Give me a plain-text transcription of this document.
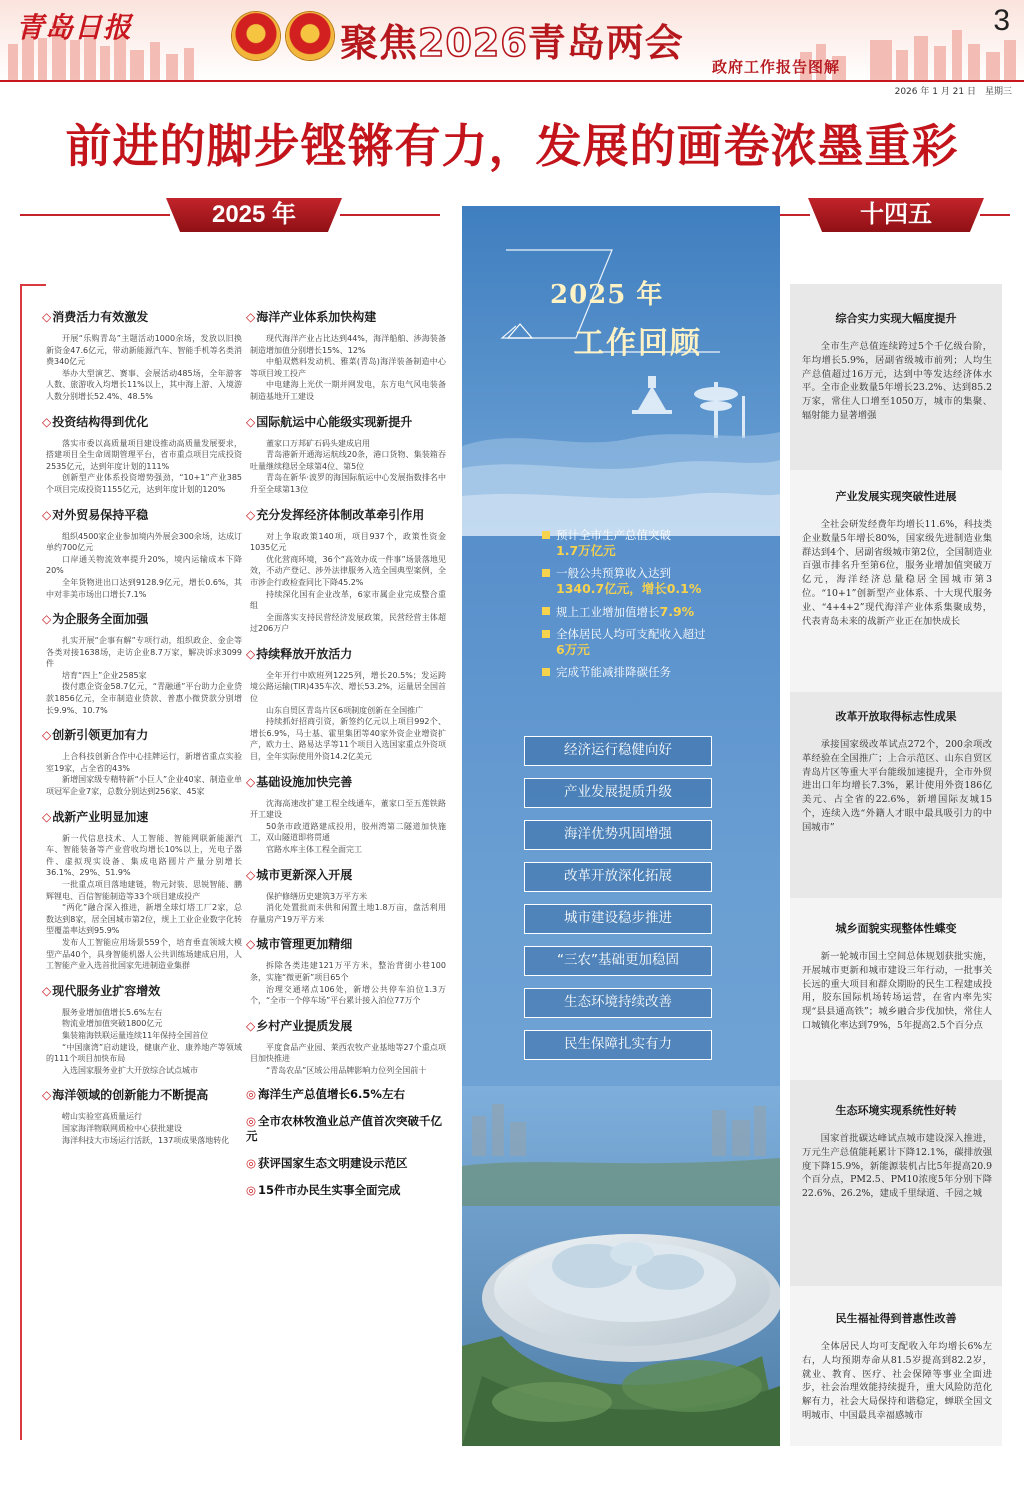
青岛日报	聚焦2026青岛两会
政府工作报告图解
3
2026 年 1 月 21 日　星期三
前进的脚步铿锵有力，发展的画卷浓墨重彩
2025 年	十四五
◇ 消费活力有效激发

开展“乐购青岛”主题活动1000余场，发放以旧换新资金47.6亿元，带动新能源汽车、智能手机等名类消费340亿元

举办大型演艺、赛事、会展活动485场，全年游客人数、旅游收入均增长11%以上，其中海上游、入境游人数分别增长52.4%、48.5%

◇ 投资结构得到优化

落实市委以高质量项目建设推动高质量发展要求，搭建项目全生命周期管理平台，省市重点项目完成投资2535亿元，达到年度计划的111%

创新型产业体系投资增势强劲，“10+1”产业385个项目完成投资1155亿元，达到年度计划的120%

◇ 对外贸易保持平稳

组织4500家企业参加境内外展会300余场，达成订单约700亿元

口岸通关物流效率提升20%，境内运输成本下降20%

全年货物进出口达到9128.9亿元，增长0.6%，其中对非美市场出口增长7.1%

◇ 为企服务全面加强

扎实开展“企事有解”专项行动，组织政企、金企等各类对接1638场，走访企业8.7万家，解决诉求3099件

培育“四上”企业2585家

拨付惠企资金58.7亿元，“青融通”平台助力企业贷款1856亿元，全市制造业贷款、普惠小微贷款分别增长9.9%、10.7%

◇ 创新引领更加有力

上合科技创新合作中心挂牌运行，新增省重点实验室19家，占全省的43%

新增国家级专精特新“小巨人”企业40家、制造业单项冠军企业7家，总数分别达到256家、45家

◇ 战新产业明显加速

新一代信息技术、人工智能、智能网联新能源汽车、智能装备等产业营收均增长10%以上，光电子器件、虚拟现实设备、集成电路圆片产量分别增长36.1%、29%、51.9%

一批重点项目落地建链，物元封装、思锐智能、鹏辉锂电、百信智能制造等33个项目建成投产

“两化”融合深入推进，新增全球灯塔工厂2家，总数达到8家，居全国城市第2位，规上工业企业数字化转型覆盖率达到95.9%

发布人工智能应用场景559个，培育垂直领域大模型产品40个，具身智能机器人公共训练场建成启用，人工智能产业入选首批国家先进制造业集群

◇ 现代服务业扩容增效

服务业增加值增长5.6%左右

物流业增加值突破1800亿元

集装箱海铁联运量连续11年保持全国首位

“中国康湾”启动建设，健康产业、康养地产等领域的111个项目加快布局

入选国家服务业扩大开放综合试点城市

◇ 海洋领域的创新能力不断提高

崂山实验室高质量运行

国家海洋物联网质检中心获批建设

海洋科技大市场运行活跃，137项成果落地转化

◇ 海洋产业体系加快构建

现代海洋产业占比达到44%，海洋船舶、涉海装备制造增加值分别增长15%、12%

中船双燃料发动机、雅菜(青岛)海洋装备制造中心等项目竣工投产

中电建海上光伏一期并网发电，东方电气风电装备制造基地开工建设

◇ 国际航运中心能级实现新提升

董家口万邦矿石码头建成启用

青岛港新开通海运航线20条，港口货物、集装箱吞吐量继续稳居全球第4位、第5位

青岛在新华·波罗的海国际航运中心发展指数排名中升至全球第13位

◇ 充分发挥经济体制改革牵引作用

对上争取政策140项，项目937个，政策性资金1035亿元

优化营商环境，36个“高效办成一件事”场景落地见效，不动产登记、涉外法律服务入选全国典型案例，全市涉企行政检查同比下降45.2%

持续深化国有企业改革，6家市属企业完成整合重组

全面落实支持民营经济发展政策，民营经营主体超过206万户

◇ 持续释放开放活力

全年开行中欧班列1225列，增长20.5%；发运跨境公路运输(TIR)435车次、增长53.2%，运量居全国首位

山东自贸区青岛片区6项制度创新在全国推广

持续抓好招商引资，新签约亿元以上项目992个、增长6.9%，马士基、霍里集团等40家外资企业增资扩产，欧力士、路易达孚等11个项目入选国家重点外资项目，全年实际使用外资14.2亿美元

◇ 基础设施加快完善

沈海高速改扩建工程全线通车，董家口至五莲铁路开工建设

50条市政道路建成投用，胶州湾第二隧道加快施工，双山隧道即将贯通

官路水库主体工程全面完工

◇ 城市更新深入开展

保护修缮历史建筑3万平方米

消化处置批而未供和闲置土地1.8万亩，盘活利用存量房产19万平方米

◇ 城市管理更加精细

拆除各类违建121万平方米，整治背街小巷100条，实施“微更新”项目65个

治理交通堵点106处，新增公共停车泊位1.3万个，“全市一个停车场”平台累计接入泊位77万个

◇ 乡村产业提质发展

平度食品产业园、莱西农牧产业基地等27个重点项目加快推进

“青岛农品”区域公用品牌影响力位列全国前十

◎ 海洋生产总值增长6.5%左右
◎ 全市农林牧渔业总产值首次突破千亿元
◎ 获评国家生态文明建设示范区
◎ 15件市办民生实事全面完成
2025 年
工作回顾
预计全市生产总值突破
1.7万亿元
一般公共预算收入达到
1340.7亿元，增长0.1%
规上工业增加值增长7.9%
全体居民人均可支配收入超过
6万元
完成节能减排降碳任务
经济运行稳健向好
产业发展提质升级
海洋优势巩固增强
改革开放深化拓展
城市建设稳步推进
“三农”基础更加稳固
生态环境持续改善
民生保障扎实有力
综合实力实现大幅度提升
全市生产总值连续跨过5个千亿级台阶，年均增长5.9%，居副省级城市前列；人均生产总值超过16万元，达到中等发达经济体水平。全市企业数量5年增长23.2%、达到85.2万家，常住人口增至1050万，城市的集聚、辐射能力显著增强
产业发展实现突破性进展
全社会研发经费年均增长11.6%，科技类企业数量5年增长80%，国家级先进制造业集群达到4个、居副省级城市第2位，全国制造业百强市排名升至第6位，服务业增加值突破万亿元，海洋经济总量稳居全国城市第3位。“10+1”创新型产业体系、十大现代服务业、“4+4+2”现代海洋产业体系集聚成势，代表青岛未来的战新产业正在加快成长
改革开放取得标志性成果
承接国家级改革试点272个，200余项改革经验在全国推广；上合示范区、山东自贸区青岛片区等重大平台能级加速提升，全市外贸进出口年均增长7.3%，累计使用外资186亿美元、占全省的22.6%，新增国际友城15个，连续入选“外籍人才眼中最具吸引力的中国城市”
城乡面貌实现整体性蝶变
新一轮城市国土空间总体规划获批实施，开展城市更新和城市建设三年行动，一批事关长远的重大项目和群众期盼的民生工程建成投用，胶东国际机场转场运营，在省内率先实现“县县通高铁”；城乡融合步伐加快，常住人口城镇化率达到79%，5年提高2.5个百分点
生态环境实现系统性好转
国家首批碳达峰试点城市建设深入推进，万元生产总值能耗累计下降12.1%，碳排放强度下降15.9%，新能源装机占比5年提高20.9个百分点，PM2.5、PM10浓度5年分别下降22.6%、26.2%，建成千里绿道、千园之城
民生福祉得到普惠性改善
全体居民人均可支配收入年均增长6%左右，人均预期寿命从81.5岁提高到82.2岁，就业、教育、医疗、社会保障等事业全面进步，社会治理效能持续提升，重大风险防范化解有力，社会大局保持和谐稳定，蝉联全国文明城市、中国最具幸福感城市
